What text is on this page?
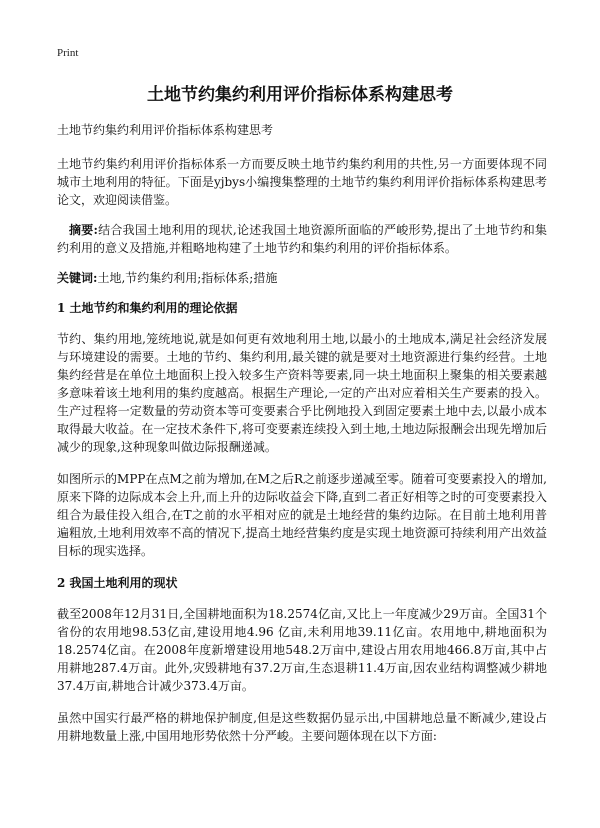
Print
土地节约集约利用评价指标体系构建思考

土地节约集约利用评价指标体系构建思考

土地节约集约利用评价指标体系一方而要反映土地节约集约利用的共性,另一方面要体现不同城市土地利用的特征。下面是yjbys小编搜集整理的土地节约集约利用评价指标体系构建思考论文，欢迎阅读借鉴。

摘要:结合我国土地利用的现状,论述我国土地资源所面临的严峻形势,提出了土地节约和集约利用的意义及措施,并粗略地构建了土地节约和集约利用的评价指标体系。

关键词:土地,节约集约利用;指标体系;措施

1 土地节约和集约利用的理论依据

节约、集约用地,笼统地说,就是如何更有效地利用土地,以最小的土地成本,满足社会经济发展与环境建设的需要。土地的节约、集约利用,最关键的就是要对土地资源进行集约经营。土地集约经营是在单位土地面积上投入较多生产资料等要素,同一块土地面积上聚集的相关要素越多意味着该土地利用的集约度越高。根据生产理论,一定的产出对应着相关生产要素的投入。生产过程将一定数量的劳动资本等可变要素合乎比例地投入到固定要素土地中去,以最小成本取得最大收益。在一定技术条件下,将可变要素连续投入到土地,土地边际报酬会出现先增加后减少的现象,这种现象叫做边际报酬递减。

如图所示的MPP在点M之前为增加,在M之后R之前逐步递减至零。随着可变要素投入的增加,原来下降的边际成本会上升,而上升的边际收益会下降,直到二者正好相等之时的可变要素投入组合为最佳投入组合,在T之前的水平相对应的就是土地经营的集约边际。在目前土地利用普遍粗放,土地利用效率不高的情况下,提高土地经营集约度是实现土地资源可持续利用产出效益目标的现实选择。

2 我国土地利用的现状

截至2008年12月31日,全国耕地面积为18.2574亿亩,又比上一年度减少29万亩。全国31个省份的农用地98.53亿亩,建设用地4.96 亿亩,未利用地39.11亿亩。农用地中,耕地面积为18.2574亿亩。在2008年度新增建设用地548.2万亩中,建设占用农用地466.8万亩,其中占用耕地287.4万亩。此外,灾毁耕地有37.2万亩,生态退耕11.4万亩,因农业结构调整减少耕地37.4万亩,耕地合计减少373.4万亩。

虽然中国实行最严格的耕地保护制度,但是这些数据仍显示出,中国耕地总量不断减少,建设占用耕地数量上涨,中国用地形势依然十分严峻。主要问题体现在以下方面:
